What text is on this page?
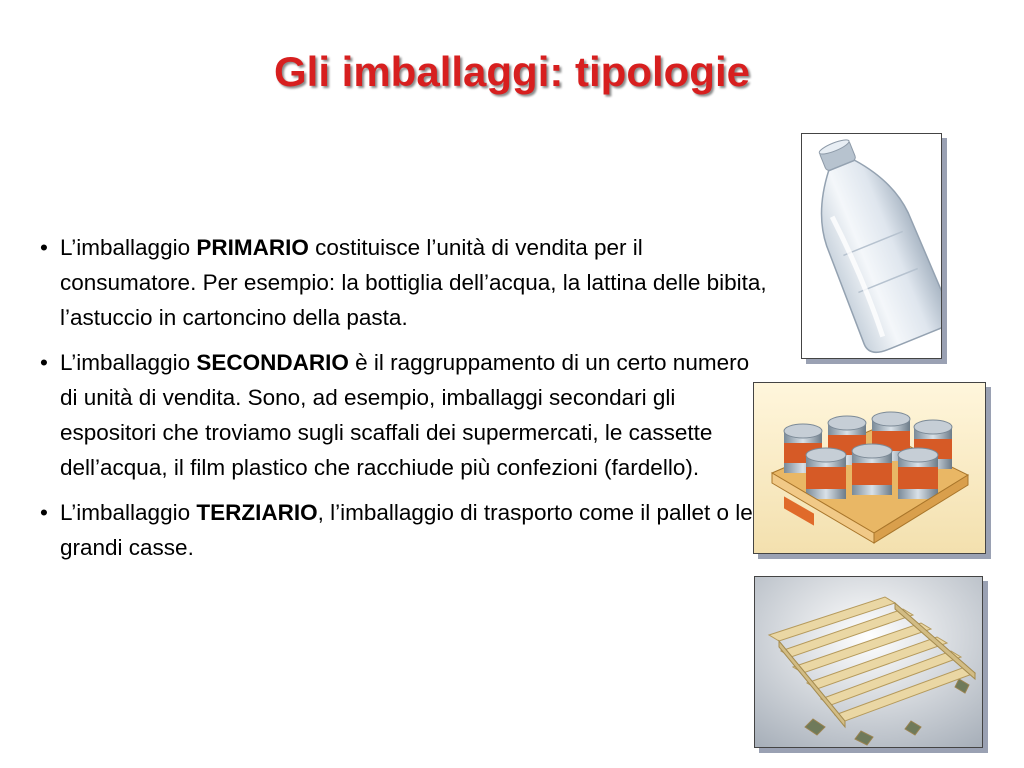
Gli imballaggi: tipologie
• L’imballaggio PRIMARIO costituisce l’unità di vendita per il consumatore. Per esempio: la bottiglia dell’acqua, la lattina delle bibita, l’astuccio in cartoncino della pasta.
• L’imballaggio SECONDARIO è il raggruppamento di un certo numero di unità di vendita. Sono, ad esempio, imballaggi secondari gli espositori che troviamo sugli scaffali dei supermercati, le cassette dell’acqua, il film plastico che racchiude più confezioni (fardello).
• L’imballaggio TERZIARIO, l’imballaggio di trasporto come il pallet o le grandi casse.
